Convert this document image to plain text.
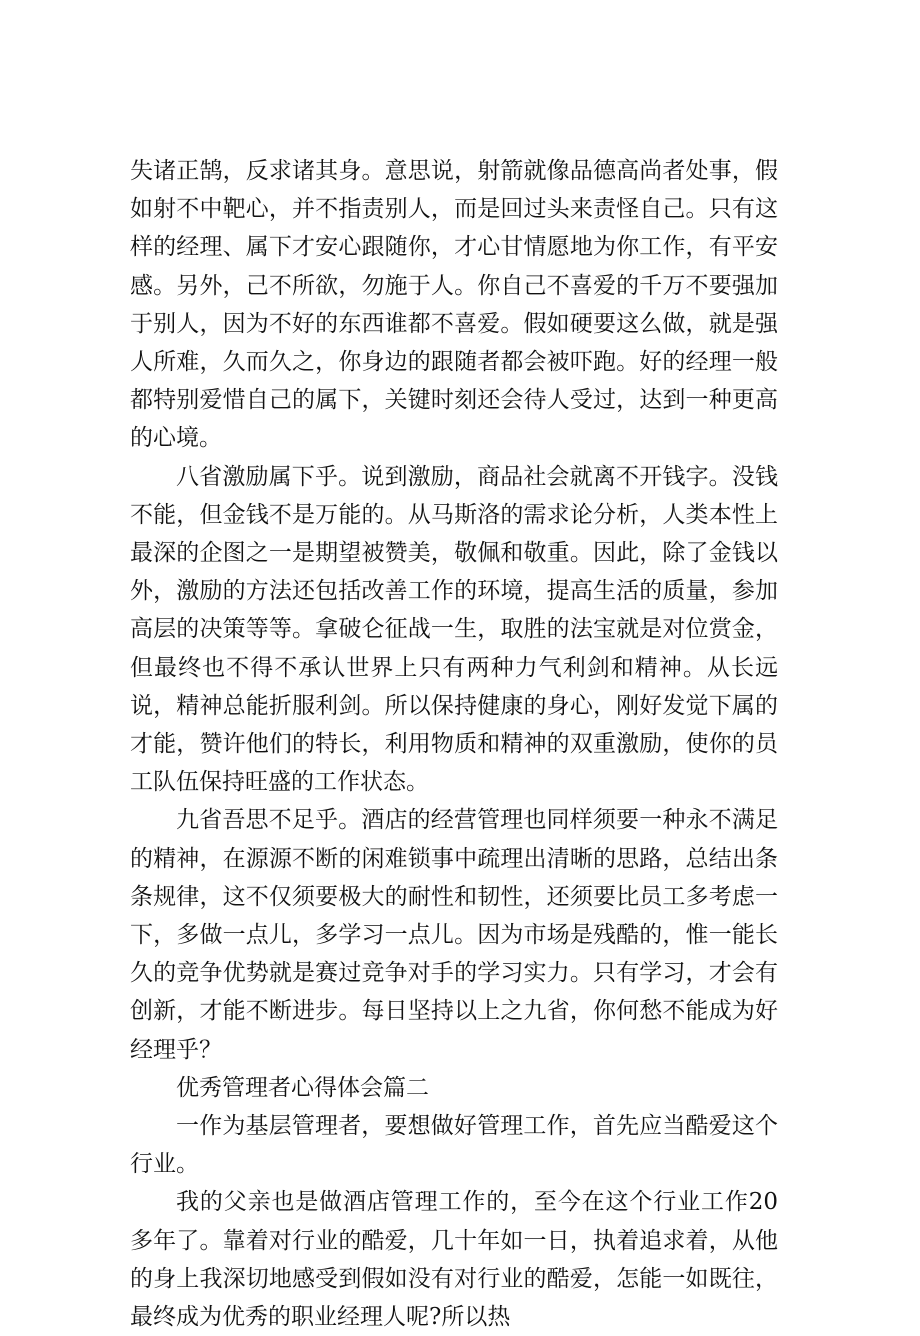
失诸正鹄，反求诸其身。意思说，射箭就像品德高尚者处事，假如射不中靶心，并不指责别人，而是回过头来责怪自己。只有这样的经理、属下才安心跟随你，才心甘情愿地为你工作，有平安感。另外，己不所欲，勿施于人。你自己不喜爱的千万不要强加于别人，因为不好的东西谁都不喜爱。假如硬要这么做，就是强人所难，久而久之，你身边的跟随者都会被吓跑。好的经理一般都特别爱惜自己的属下，关键时刻还会待人受过，达到一种更高的心境。

八省激励属下乎。说到激励，商品社会就离不开钱字。没钱不能，但金钱不是万能的。从马斯洛的需求论分析，人类本性上最深的企图之一是期望被赞美，敬佩和敬重。因此，除了金钱以外，激励的方法还包括改善工作的环境，提高生活的质量，参加高层的决策等等。拿破仑征战一生，取胜的法宝就是对位赏金，但最终也不得不承认世界上只有两种力气利剑和精神。从长远说，精神总能折服利剑。所以保持健康的身心，刚好发觉下属的才能，赞许他们的特长，利用物质和精神的双重激励，使你的员工队伍保持旺盛的工作状态。

九省吾思不足乎。酒店的经营管理也同样须要一种永不满足的精神，在源源不断的闲难锁事中疏理出清晰的思路，总结出条条规律，这不仅须要极大的耐性和韧性，还须要比员工多考虑一下，多做一点儿，多学习一点儿。因为市场是残酷的，惟一能长久的竞争优势就是赛过竞争对手的学习实力。只有学习，才会有创新，才能不断进步。每日坚持以上之九省，你何愁不能成为好经理乎？

优秀管理者心得体会篇二

一作为基层管理者，要想做好管理工作，首先应当酷爱这个行业。

我的父亲也是做酒店管理工作的，至今在这个行业工作20多年了。靠着对行业的酷爱，几十年如一日，执着追求着，从他的身上我深切地感受到假如没有对行业的酷爱，怎能一如既往，最终成为优秀的职业经理人呢?所以热
